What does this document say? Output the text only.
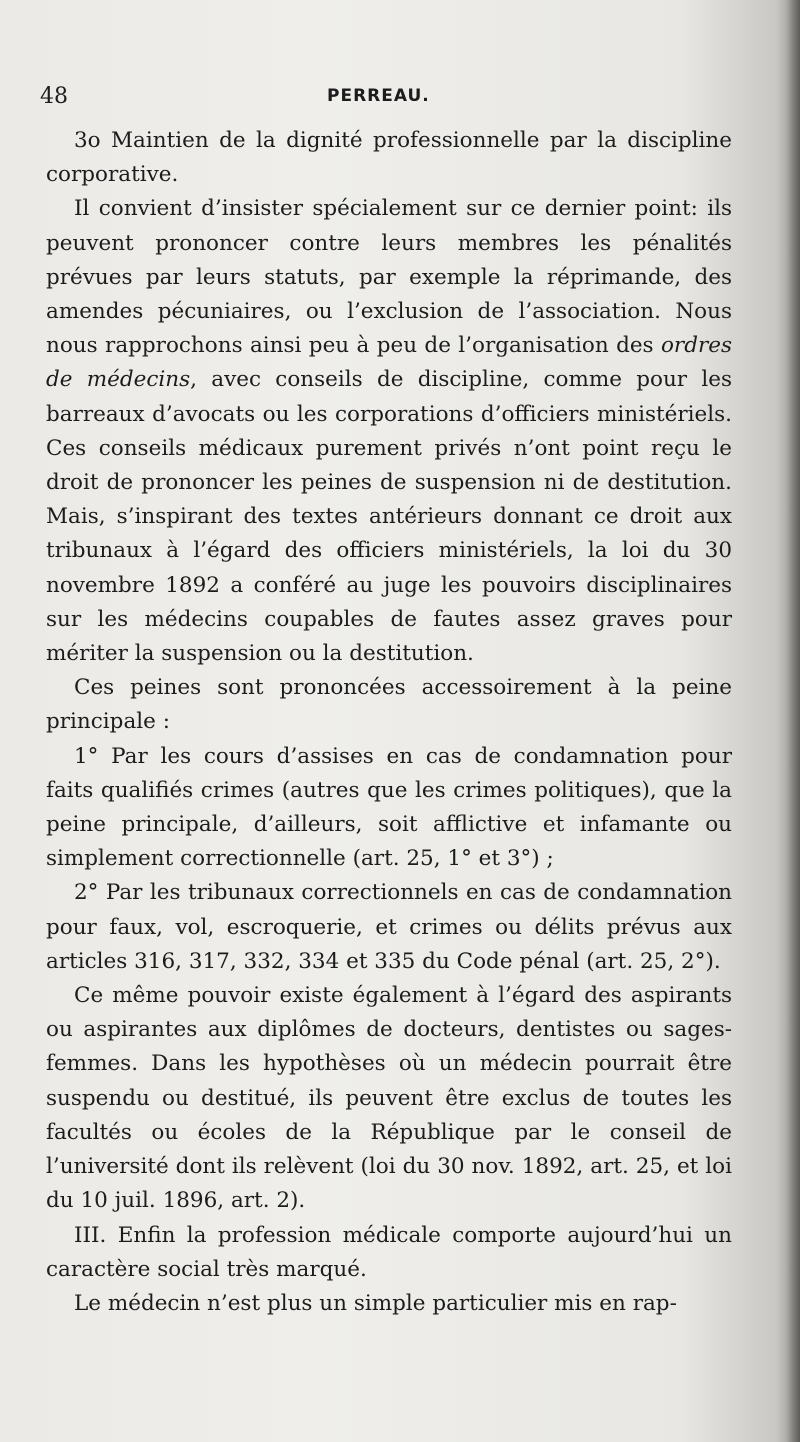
48	PERREAU.

3o Maintien de la dignité professionnelle par la discipline corporative.

Il convient d’insister spécialement sur ce dernier point: ils peuvent prononcer contre leurs membres les pénalités prévues par leurs statuts, par exemple la réprimande, des amendes pécuniaires, ou l’exclusion de l’association. Nous nous rapprochons ainsi peu à peu de l’organisation des ordres de médecins, avec conseils de discipline, comme pour les barreaux d’avocats ou les corporations d’officiers ministériels. Ces conseils médicaux purement privés n’ont point reçu le droit de prononcer les peines de suspension ni de destitution. Mais, s’inspirant des textes antérieurs donnant ce droit aux tribunaux à l’égard des officiers ministériels, la loi du 30 novembre 1892 a conféré au juge les pouvoirs disciplinaires sur les médecins coupables de fautes assez graves pour mériter la suspension ou la destitution.

Ces peines sont prononcées accessoirement à la peine principale :

1° Par les cours d’assises en cas de condamnation pour faits qualifiés crimes (autres que les crimes politiques), que la peine principale, d’ailleurs, soit afflictive et infamante ou simplement correctionnelle (art. 25, 1° et 3°) ;

2° Par les tribunaux correctionnels en cas de condamnation pour faux, vol, escroquerie, et crimes ou délits prévus aux articles 316, 317, 332, 334 et 335 du Code pénal (art. 25, 2°).

Ce même pouvoir existe également à l’égard des aspirants ou aspirantes aux diplômes de docteurs, dentistes ou sages-femmes. Dans les hypothèses où un médecin pourrait être suspendu ou destitué, ils peuvent être exclus de toutes les facultés ou écoles de la République par le conseil de l’université dont ils relèvent (loi du 30 nov. 1892, art. 25, et loi du 10 juil. 1896, art. 2).

III. Enfin la profession médicale comporte aujourd’hui un caractère social très marqué.

Le médecin n’est plus un simple particulier mis en rap-
